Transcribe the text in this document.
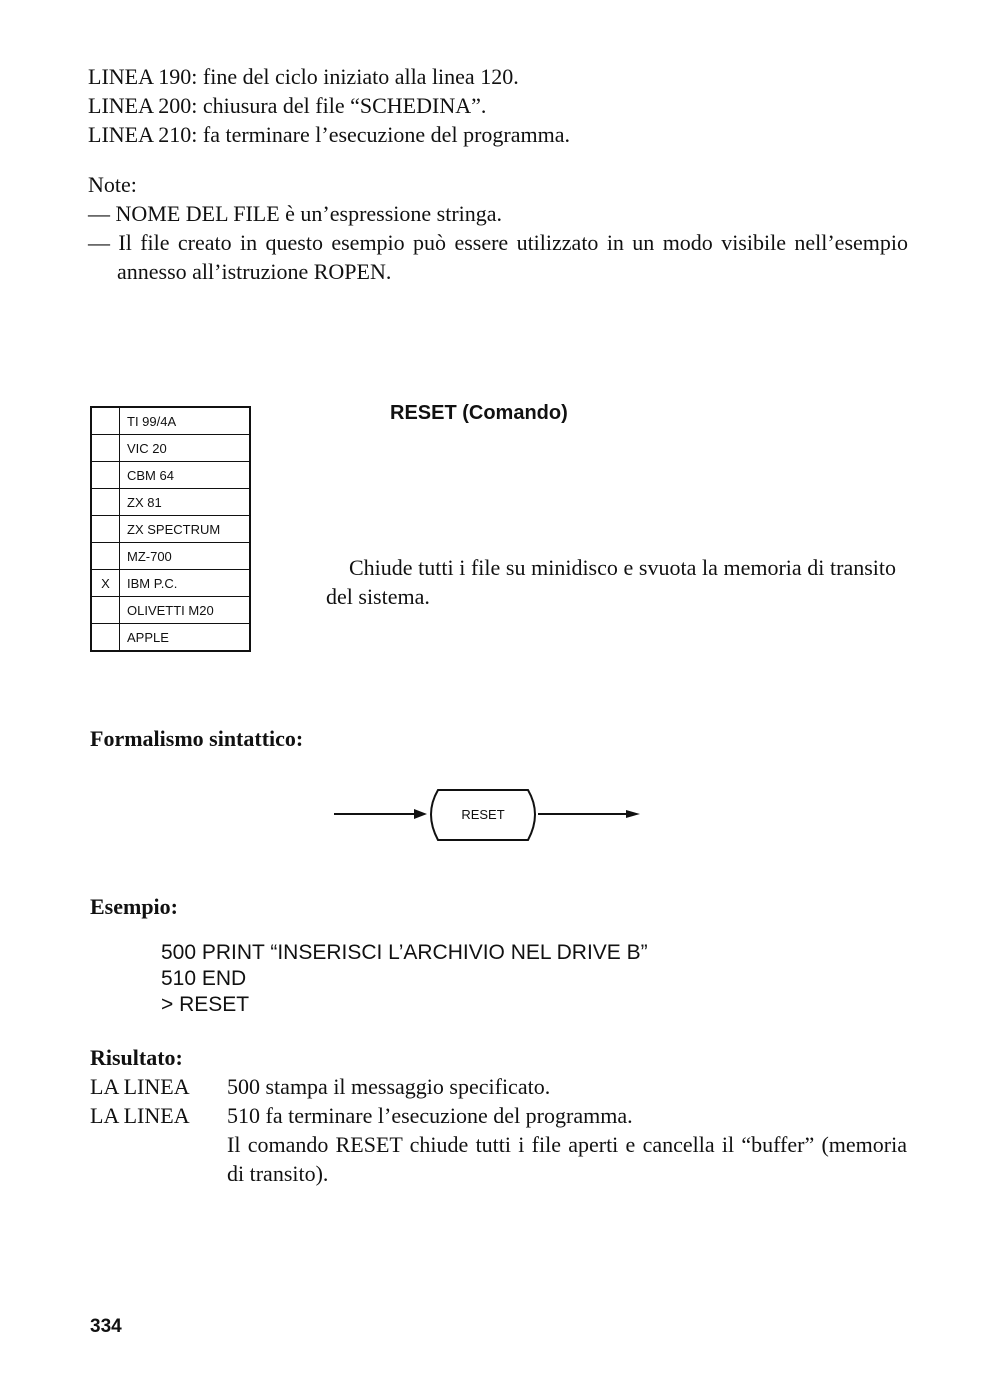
LINEA 190: fine del ciclo iniziato alla linea 120.
LINEA 200: chiusura del file “SCHEDINA”.
LINEA 210: fa terminare l’esecuzione del programma.
Note:
— NOME DEL FILE è un’espressione stringa.
— Il file creato in questo esempio può essere utilizzato in un modo visibile nell’esempio annesso all’istruzione ROPEN.
	TI 99/4A
	VIC 20
	CBM 64
	ZX 81
	ZX SPECTRUM
	MZ-700
X	IBM P.C.
	OLIVETTI M20
	APPLE
RESET (Comando)
Chiude tutti i file su minidisco e svuota la memoria di transito del sistema.
Formalismo sintattico:
RESET
Esempio:
500 PRINT “INSERISCI L’ARCHIVIO NEL DRIVE B”
510 END
> RESET
Risultato:
LA LINEA 500 stampa il messaggio specificato.
LA LINEA 510 fa terminare l’esecuzione del programma.
Il comando RESET chiude tutti i file aperti e cancella il “buffer” (memoria di transito).
334
